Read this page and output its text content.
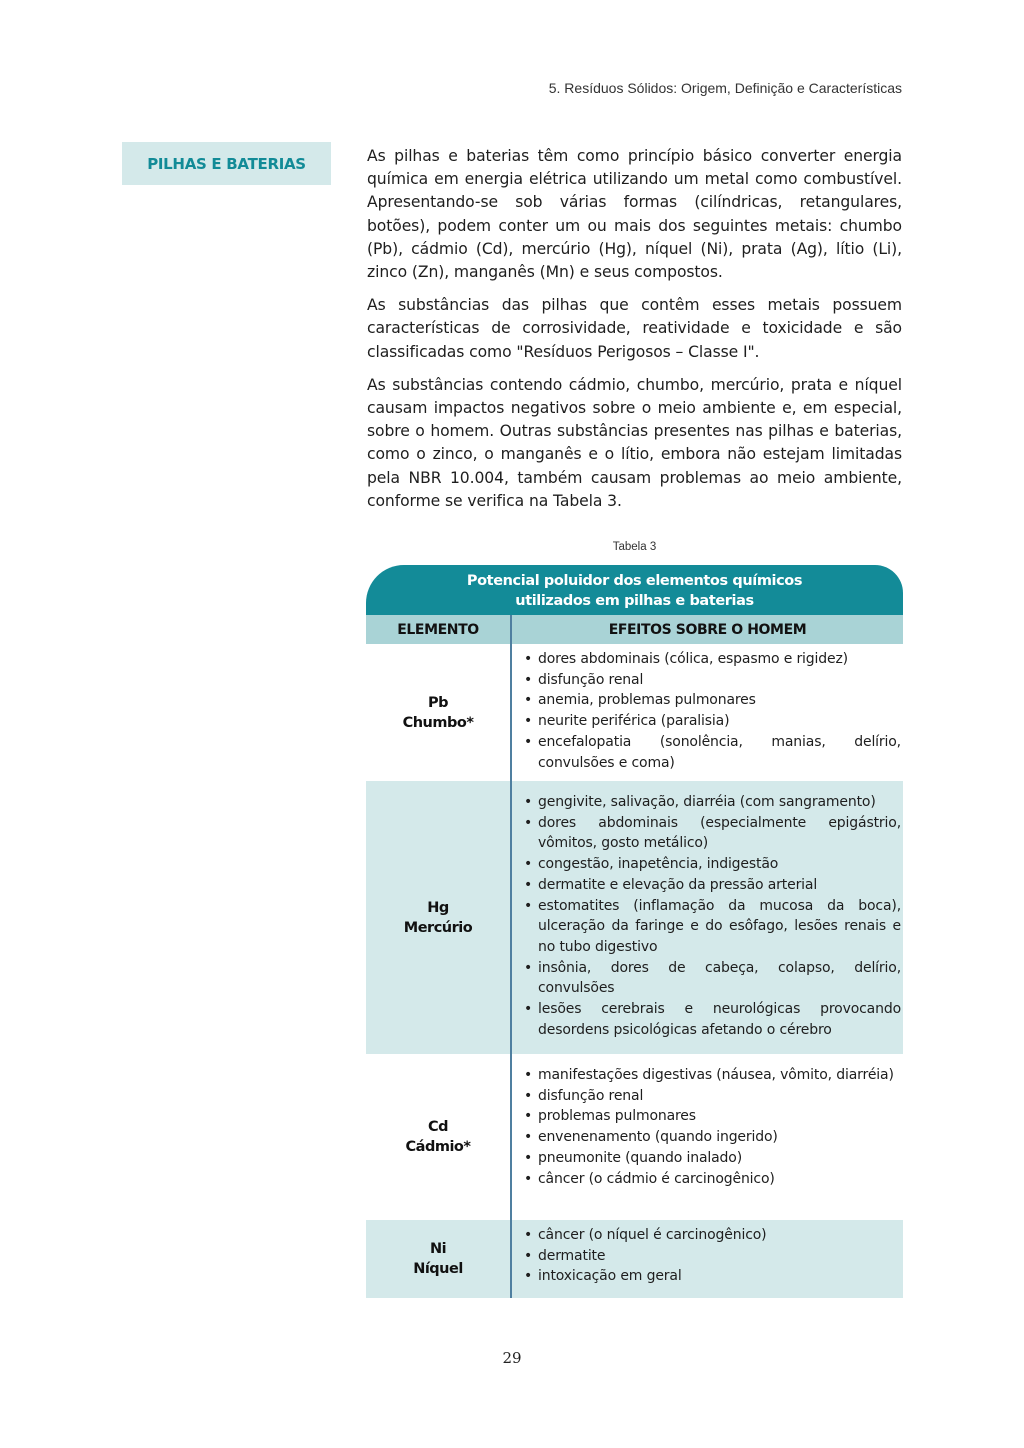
5. Resíduos Sólidos: Origem, Definição e Características
PILHAS E BATERIAS	As pilhas e baterias têm como princípio básico converter energia química em energia elétrica utilizando um metal como combustível. Apresentando-se sob várias formas (cilíndricas, retangulares, botões), podem conter um ou mais dos seguintes metais: chumbo (Pb), cádmio (Cd), mercúrio (Hg), níquel (Ni), prata (Ag), lítio (Li), zinco (Zn), manganês (Mn) e seus compostos.

As substâncias das pilhas que contêm esses metais possuem características de corrosividade, reatividade e toxicidade e são classificadas como "Resíduos Perigosos – Classe I".

As substâncias contendo cádmio, chumbo, mercúrio, prata e níquel causam impactos negativos sobre o meio ambiente e, em especial, sobre o homem. Outras substâncias presentes nas pilhas e baterias, como o zinco, o manganês e o lítio, embora não estejam limitadas pela NBR 10.004, também causam problemas ao meio ambiente, conforme se verifica na Tabela 3.

Tabela 3
Potencial poluidor dos elementos químicos
utilizados em pilhas e baterias
ELEMENTO	EFEITOS SOBRE O HOMEM
Pb
Chumbo*
• dores abdominais (cólica, espasmo e rigidez)
• disfunção renal
• anemia, problemas pulmonares
• neurite periférica (paralisia)
• encefalopatia (sonolência, manias, delírio, convulsões e coma)
Hg
Mercúrio
• gengivite, salivação, diarréia (com sangramento)
• dores abdominais (especialmente epigástrio, vômitos, gosto metálico)
• congestão, inapetência, indigestão
• dermatite e elevação da pressão arterial
• estomatites (inflamação da mucosa da boca), ulceração da faringe e do esôfago, lesões renais e no tubo digestivo
• insônia, dores de cabeça, colapso, delírio, convulsões
• lesões cerebrais e neurológicas provocando desordens psicológicas afetando o cérebro
Cd
Cádmio*
• manifestações digestivas (náusea, vômito, diarréia)
• disfunção renal
• problemas pulmonares
• envenenamento (quando ingerido)
• pneumonite (quando inalado)
• câncer (o cádmio é carcinogênico)
Ni
Níquel
• câncer (o níquel é carcinogênico)
• dermatite
• intoxicação em geral
29
